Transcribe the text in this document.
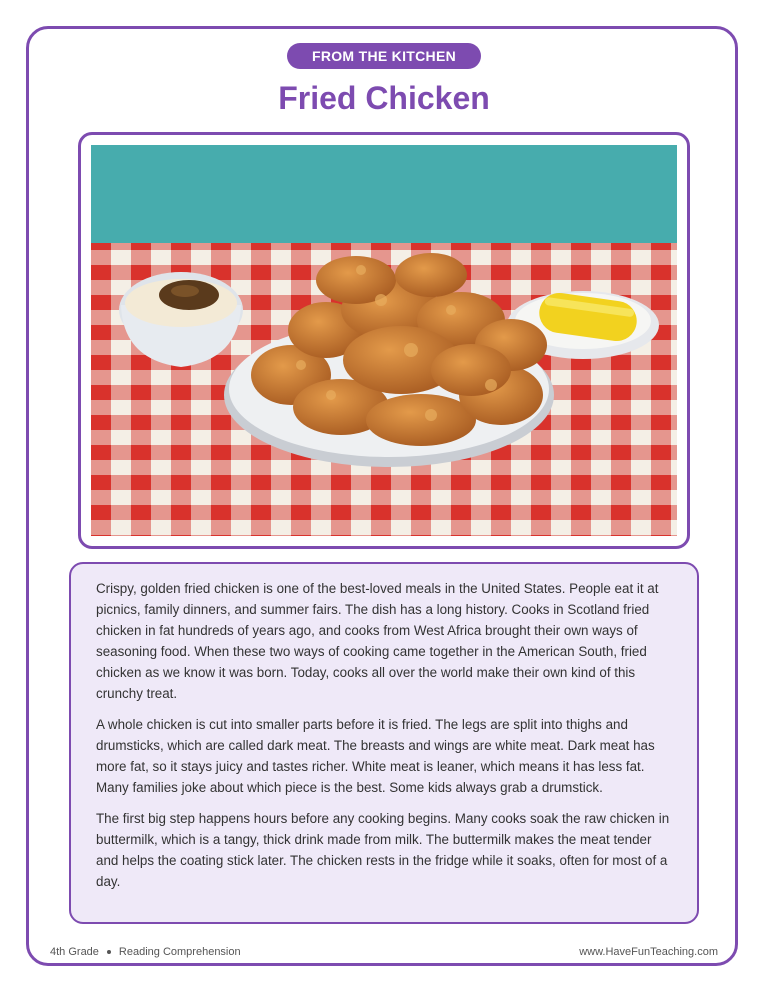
FROM THE KITCHEN
Fried Chicken

Crispy, golden fried chicken is one of the best-loved meals in the United States. People eat it at picnics, family dinners, and summer fairs. The dish has a long history. Cooks in Scotland fried chicken in fat hundreds of years ago, and cooks from West Africa brought their own ways of seasoning food. When these two ways of cooking came together in the American South, fried chicken as we know it was born. Today, cooks all over the world make their own kind of this crunchy treat.

A whole chicken is cut into smaller parts before it is fried. The legs are split into thighs and drumsticks, which are called dark meat. The breasts and wings are white meat. Dark meat has more fat, so it stays juicy and tastes richer. White meat is leaner, which means it has less fat. Many families joke about which piece is the best. Some kids always grab a drumstick.

The first big step happens hours before any cooking begins. Many cooks soak the raw chicken in buttermilk, which is a tangy, thick drink made from milk. The buttermilk makes the meat tender and helps the coating stick later. The chicken rests in the fridge while it soaks, often for most of a day.

4th Grade Reading Comprehension	www.HaveFunTeaching.com
